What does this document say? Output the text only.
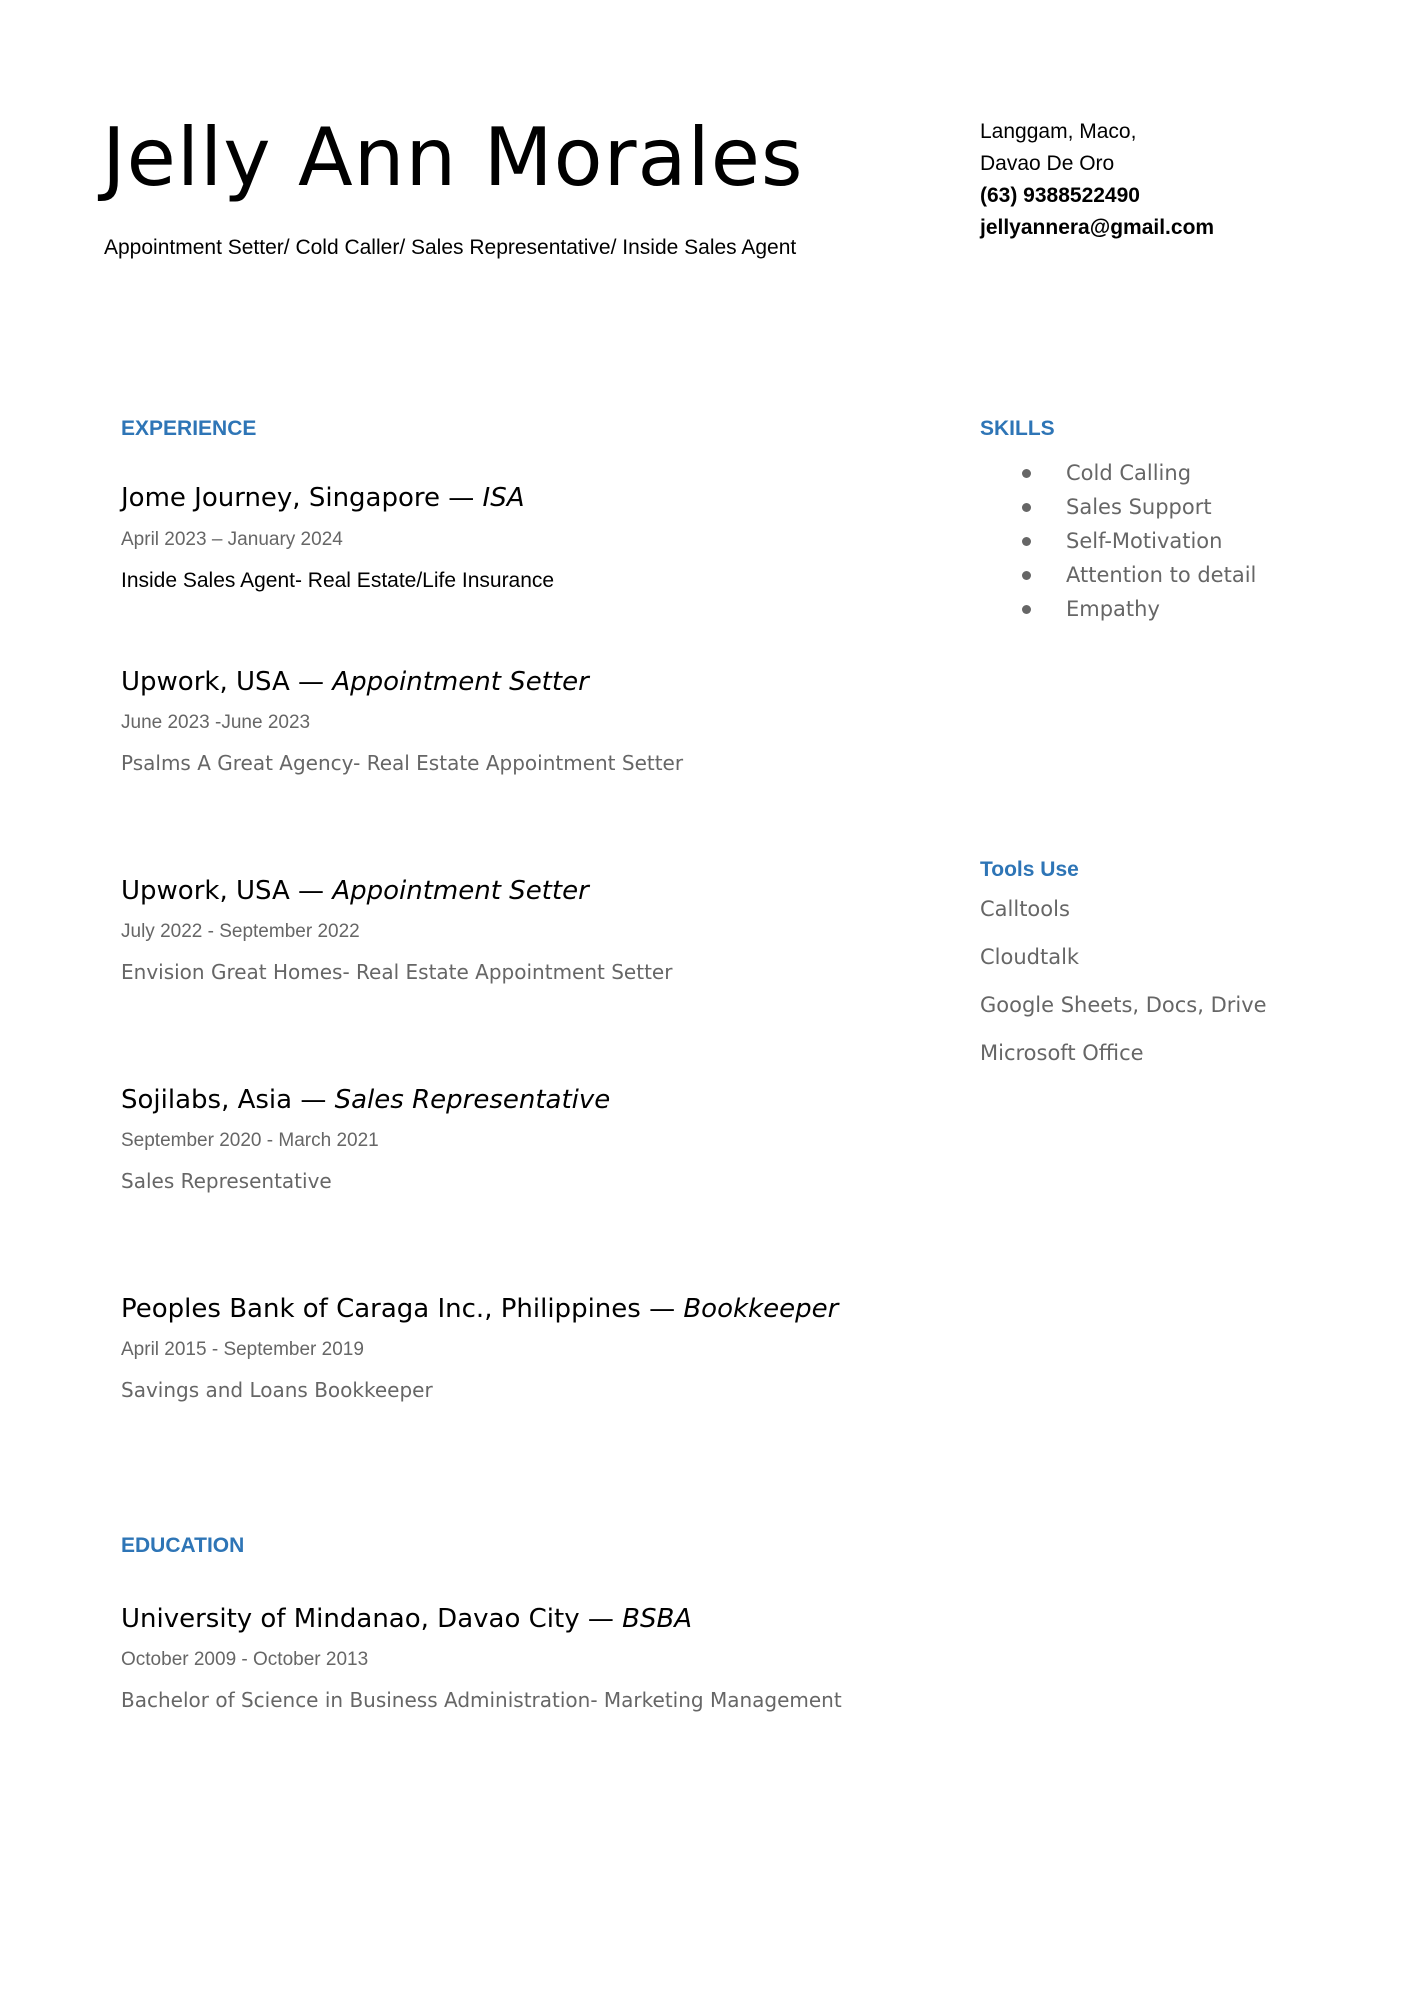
Jelly Ann Morales
Appointment Setter/ Cold Caller/ Sales Representative/ Inside Sales Agent
Langgam, Maco,
Davao De Oro
(63) 9388522490
jellyannera@gmail.com
EXPERIENCE
Jome Journey, Singapore — ISA
April 2023 – January 2024
Inside Sales Agent- Real Estate/Life Insurance
Upwork, USA — Appointment Setter
June 2023 -June 2023
Psalms A Great Agency- Real Estate Appointment Setter
Upwork, USA — Appointment Setter
July 2022 - September 2022
Envision Great Homes- Real Estate Appointment Setter
Sojilabs, Asia — Sales Representative
September 2020 - March 2021
Sales Representative
Peoples Bank of Caraga Inc., Philippines — Bookkeeper
April 2015 - September 2019
Savings and Loans Bookkeeper
EDUCATION
University of Mindanao, Davao City — BSBA
October 2009 - October 2013
Bachelor of Science in Business Administration- Marketing Management
SKILLS
Cold Calling
Sales Support
Self-Motivation
Attention to detail
Empathy
Tools Use
Calltools
Cloudtalk
Google Sheets, Docs, Drive
Microsoft Office
